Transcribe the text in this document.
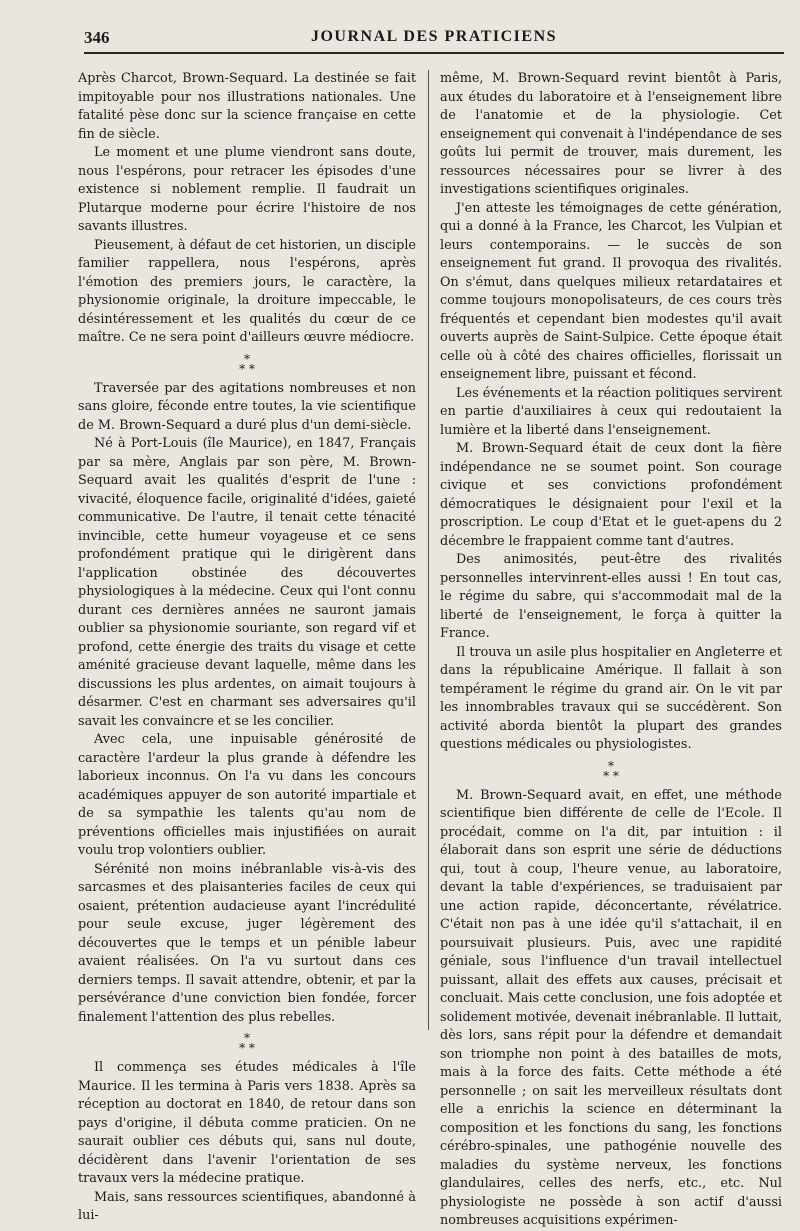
346	JOURNAL DES PRATICIENS

Après Charcot, Brown-Sequard. La destinée se fait impitoyable pour nos illustrations nationales. Une fatalité pèse donc sur la science française en cette fin de siècle.

Le moment et une plume viendront sans doute, nous l'espérons, pour retracer les épisodes d'une existence si noblement remplie. Il faudrait un Plutarque moderne pour écrire l'histoire de nos savants illustres.

Pieusement, à défaut de cet historien, un disciple familier rappellera, nous l'espérons, après l'émotion des premiers jours, le caractère, la physionomie originale, la droiture impeccable, le désintéressement et les qualités du cœur de ce maître. Ce ne sera point d'ailleurs œuvre médiocre.

*
* *

Traversée par des agitations nombreuses et non sans gloire, féconde entre toutes, la vie scientifique de M. Brown-Sequard a duré plus d'un demi-siècle.

Né à Port-Louis (île Maurice), en 1847, Français par sa mère, Anglais par son père, M. Brown-Sequard avait les qualités d'esprit de l'une : vivacité, éloquence facile, originalité d'idées, gaieté communicative. De l'autre, il tenait cette ténacité invincible, cette humeur voyageuse et ce sens profondément pratique qui le dirigèrent dans l'application obstinée des découvertes physiologiques à la médecine. Ceux qui l'ont connu durant ces dernières années ne sauront jamais oublier sa physionomie souriante, son regard vif et profond, cette énergie des traits du visage et cette aménité gracieuse devant laquelle, même dans les discussions les plus ardentes, on aimait toujours à désarmer. C'est en charmant ses adversaires qu'il savait les convaincre et se les concilier.

Avec cela, une inpuisable générosité de caractère l'ardeur la plus grande à défendre les laborieux inconnus. On l'a vu dans les concours académiques appuyer de son autorité impartiale et de sa sympathie les talents qu'au nom de préventions officielles mais injustifiées on aurait voulu trop volontiers oublier.

Sérénité non moins inébranlable vis-à-vis des sarcasmes et des plaisanteries faciles de ceux qui osaient, prétention audacieuse ayant l'incrédulité pour seule excuse, juger légèrement des découvertes que le temps et un pénible labeur avaient réalisées. On l'a vu surtout dans ces derniers temps. Il savait attendre, obtenir, et par la persévérance d'une conviction bien fondée, forcer finalement l'attention des plus rebelles.

*
* *

Il commença ses études médicales à l'île Maurice. Il les termina à Paris vers 1838. Après sa réception au doctorat en 1840, de retour dans son pays d'origine, il débuta comme praticien. On ne saurait oublier ces débuts qui, sans nul doute, décidèrent dans l'avenir l'orientation de ses travaux vers la médecine pratique.

Mais, sans ressources scientifiques, abandonné à lui-

même, M. Brown-Sequard revint bientôt à Paris, aux études du laboratoire et à l'enseignement libre de l'anatomie et de la physiologie. Cet enseignement qui convenait à l'indépendance de ses goûts lui permit de trouver, mais durement, les ressources nécessaires pour se livrer à des investigations scientifiques originales.

J'en atteste les témoignages de cette génération, qui a donné à la France, les Charcot, les Vulpian et leurs contemporains. — le succès de son enseignement fut grand. Il provoqua des rivalités. On s'émut, dans quelques milieux retardataires et comme toujours monopolisateurs, de ces cours très fréquentés et cependant bien modestes qu'il avait ouverts auprès de Saint-Sulpice. Cette époque était celle où à côté des chaires officielles, florissait un enseignement libre, puissant et fécond.

Les événements et la réaction politiques servirent en partie d'auxiliaires à ceux qui redoutaient la lumière et la liberté dans l'enseignement.

M. Brown-Sequard était de ceux dont la fière indépendance ne se soumet point. Son courage civique et ses convictions profondément démocratiques le désignaient pour l'exil et la proscription. Le coup d'Etat et le guet-apens du 2 décembre le frappaient comme tant d'autres.

Des animosités, peut-être des rivalités personnelles intervinrent-elles aussi ! En tout cas, le régime du sabre, qui s'accommodait mal de la liberté de l'enseignement, le força à quitter la France.

Il trouva un asile plus hospitalier en Angleterre et dans la républicaine Amérique. Il fallait à son tempérament le régime du grand air. On le vit par les innombrables travaux qui se succédèrent. Son activité aborda bientôt la plupart des grandes questions médicales ou physiologistes.

*
* *

M. Brown-Sequard avait, en effet, une méthode scientifique bien différente de celle de l'Ecole. Il procédait, comme on l'a dit, par intuition : il élaborait dans son esprit une série de déductions qui, tout à coup, l'heure venue, au laboratoire, devant la table d'expériences, se traduisaient par une action rapide, déconcertante, révélatrice. C'était non pas à une idée qu'il s'attachait, il en poursuivait plusieurs. Puis, avec une rapidité géniale, sous l'influence d'un travail intellectuel puissant, allait des effets aux causes, précisait et concluait. Mais cette conclusion, une fois adoptée et solidement motivée, devenait inébranlable. Il luttait, dès lors, sans répit pour la défendre et demandait son triomphe non point à des batailles de mots, mais à la force des faits. Cette méthode a été personnelle ; on sait les merveilleux résultats dont elle a enrichis la science en déterminant la composition et les fonctions du sang, les fonctions cérébro-spinales, une pathogénie nouvelle des maladies du système nerveux, les fonctions glandulaires, celles des nerfs, etc., etc. Nul physiologiste ne possède à son actif d'aussi nombreuses acquisitions expérimen-
